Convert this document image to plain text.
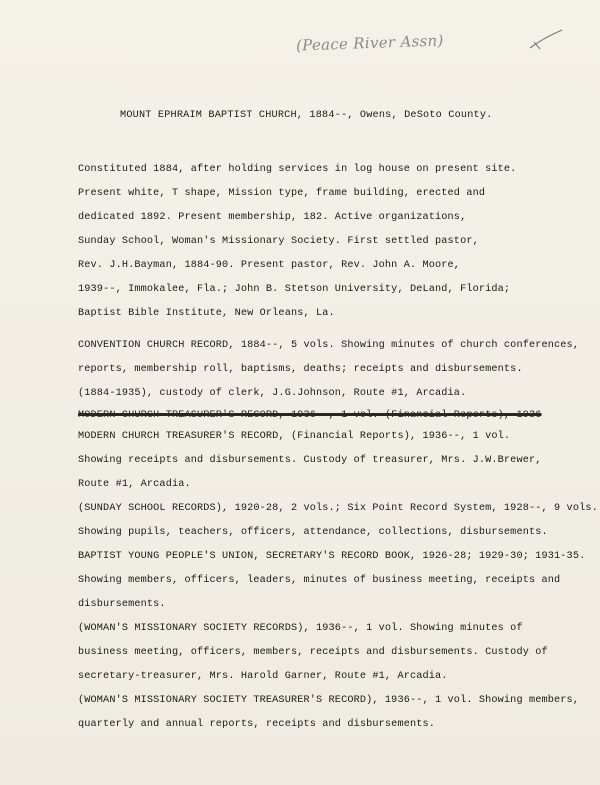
(Peace River Assn)
MOUNT EPHRAIM BAPTIST CHURCH, 1884--, Owens, DeSoto County.
Constituted 1884, after holding services in log house on present site.
Present white, T shape, Mission type, frame building, erected and
dedicated 1892. Present membership, 182. Active organizations,
Sunday School, Woman's Missionary Society. First settled pastor,
Rev. J.H.Bayman, 1884-90. Present pastor, Rev. John A. Moore,
1939--, Immokalee, Fla.; John B. Stetson University, DeLand, Florida;
Baptist Bible Institute, New Orleans, La.
CONVENTION CHURCH RECORD, 1884--, 5 vols. Showing minutes of church conferences,
reports, membership roll, baptisms, deaths; receipts and disbursements.
(1884-1935), custody of clerk, J.G.Johnson, Route #1, Arcadia.
MODERN CHURCH TREASURER'S RECORD, 1936--, 1 vol. (Financial Reports), 1936
MODERN CHURCH TREASURER'S RECORD, (Financial Reports), 1936--, 1 vol.
Showing receipts and disbursements. Custody of treasurer, Mrs. J.W.Brewer,
Route #1, Arcadia.
(SUNDAY SCHOOL RECORDS), 1920-28, 2 vols.; Six Point Record System, 1928--, 9 vols.
Showing pupils, teachers, officers, attendance, collections, disbursements.
BAPTIST YOUNG PEOPLE'S UNION, SECRETARY'S RECORD BOOK, 1926-28; 1929-30; 1931-35.
Showing members, officers, leaders, minutes of business meeting, receipts and
disbursements.
(WOMAN'S MISSIONARY SOCIETY RECORDS), 1936--, 1 vol. Showing minutes of
business meeting, officers, members, receipts and disbursements. Custody of
secretary-treasurer, Mrs. Harold Garner, Route #1, Arcadia.
(WOMAN'S MISSIONARY SOCIETY TREASURER'S RECORD), 1936--, 1 vol. Showing members,
quarterly and annual reports, receipts and disbursements.
